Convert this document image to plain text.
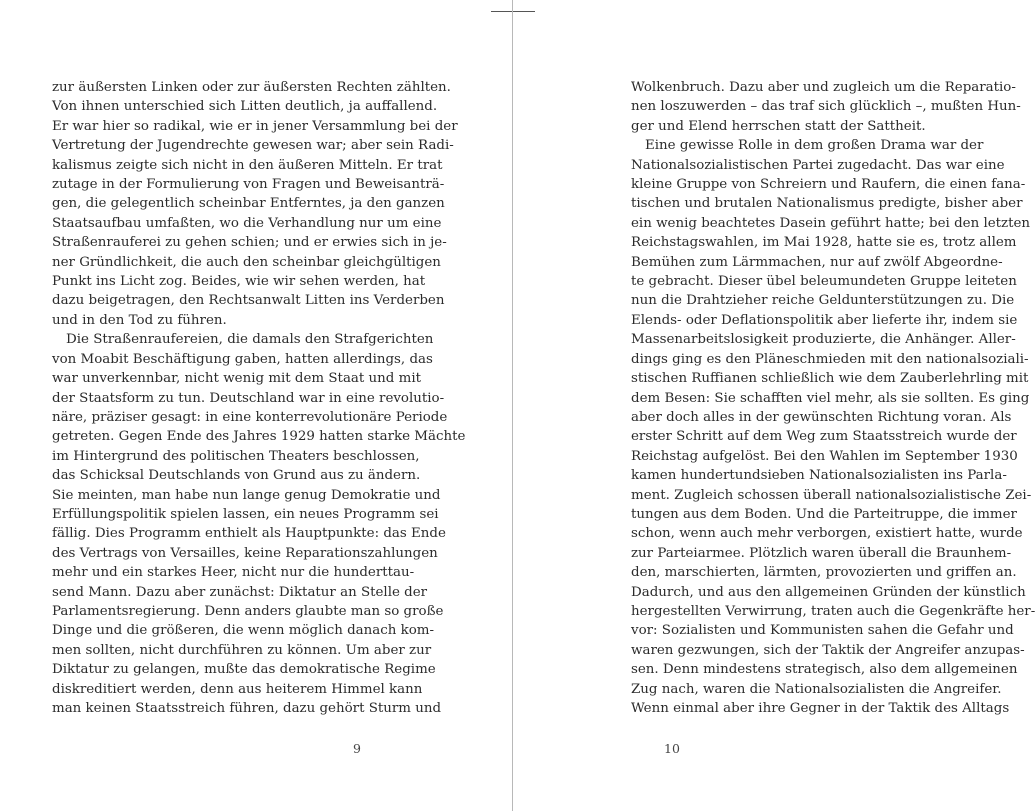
zur äußersten Linken oder zur äußersten Rechten zählten.
Von ihnen unterschied sich Litten deutlich, ja auffallend.
Er war hier so radikal, wie er in jener Versammlung bei der
Vertretung der Jugendrechte gewesen war; aber sein Radi-
kalismus zeigte sich nicht in den äußeren Mitteln. Er trat
zutage in der Formulierung von Fragen und Beweisanträ-
gen, die gelegentlich scheinbar Entferntes, ja den ganzen
Staatsaufbau umfaßten, wo die Verhandlung nur um eine
Straßenrauferei zu gehen schien; und er erwies sich in je-
ner Gründlichkeit, die auch den scheinbar gleichgültigen
Punkt ins Licht zog. Beides, wie wir sehen werden, hat
dazu beigetragen, den Rechtsanwalt Litten ins Verderben
und in den Tod zu führen.
Die Straßenraufereien, die damals den Strafgerichten
von Moabit Beschäftigung gaben, hatten allerdings, das
war unverkennbar, nicht wenig mit dem Staat und mit
der Staatsform zu tun. Deutschland war in eine revolutio-
näre, präziser gesagt: in eine konterrevolutionäre Periode
getreten. Gegen Ende des Jahres 1929 hatten starke Mächte
im Hintergrund des politischen Theaters beschlossen,
das Schicksal Deutschlands von Grund aus zu ändern.
Sie meinten, man habe nun lange genug Demokratie und
Erfüllungspolitik spielen lassen, ein neues Programm sei
fällig. Dies Programm enthielt als Hauptpunkte: das Ende
des Vertrags von Versailles, keine Reparationszahlungen
mehr und ein starkes Heer, nicht nur die hunderttau-
send Mann. Dazu aber zunächst: Diktatur an Stelle der
Parlamentsregierung. Denn anders glaubte man so große
Dinge und die größeren, die wenn möglich danach kom-
men sollten, nicht durchführen zu können. Um aber zur
Diktatur zu gelangen, mußte das demokratische Regime
diskreditiert werden, denn aus heiterem Himmel kann
man keinen Staatsstreich führen, dazu gehört Sturm und
Wolkenbruch. Dazu aber und zugleich um die Reparatio-
nen loszuwerden – das traf sich glücklich –, mußten Hun-
ger und Elend herrschen statt der Sattheit.
Eine gewisse Rolle in dem großen Drama war der
Nationalsozialistischen Partei zugedacht. Das war eine
kleine Gruppe von Schreiern und Raufern, die einen fana-
tischen und brutalen Nationalismus predigte, bisher aber
ein wenig beachtetes Dasein geführt hatte; bei den letzten
Reichstagswahlen, im Mai 1928, hatte sie es, trotz allem
Bemühen zum Lärmmachen, nur auf zwölf Abgeordne-
te gebracht. Dieser übel beleumundeten Gruppe leiteten
nun die Drahtzieher reiche Geldunterstützungen zu. Die
Elends- oder Deflationspolitik aber lieferte ihr, indem sie
Massenarbeitslosigkeit produzierte, die Anhänger. Aller-
dings ging es den Pläneschmieden mit den nationalsoziali-
stischen Ruffianen schließlich wie dem Zauberlehrling mit
dem Besen: Sie schafften viel mehr, als sie sollten. Es ging
aber doch alles in der gewünschten Richtung voran. Als
erster Schritt auf dem Weg zum Staatsstreich wurde der
Reichstag aufgelöst. Bei den Wahlen im September 1930
kamen hundertundsieben Nationalsozialisten ins Parla-
ment. Zugleich schossen überall nationalsozialistische Zei-
tungen aus dem Boden. Und die Parteitruppe, die immer
schon, wenn auch mehr verborgen, existiert hatte, wurde
zur Parteiarmee. Plötzlich waren überall die Braunhem-
den, marschierten, lärmten, provozierten und griffen an.
Dadurch, und aus den allgemeinen Gründen der künstlich
hergestellten Verwirrung, traten auch die Gegenkräfte her-
vor: Sozialisten und Kommunisten sahen die Gefahr und
waren gezwungen, sich der Taktik der Angreifer anzupas-
sen. Denn mindestens strategisch, also dem allgemeinen
Zug nach, waren die Nationalsozialisten die Angreifer.
Wenn einmal aber ihre Gegner in der Taktik des Alltags
9	10
